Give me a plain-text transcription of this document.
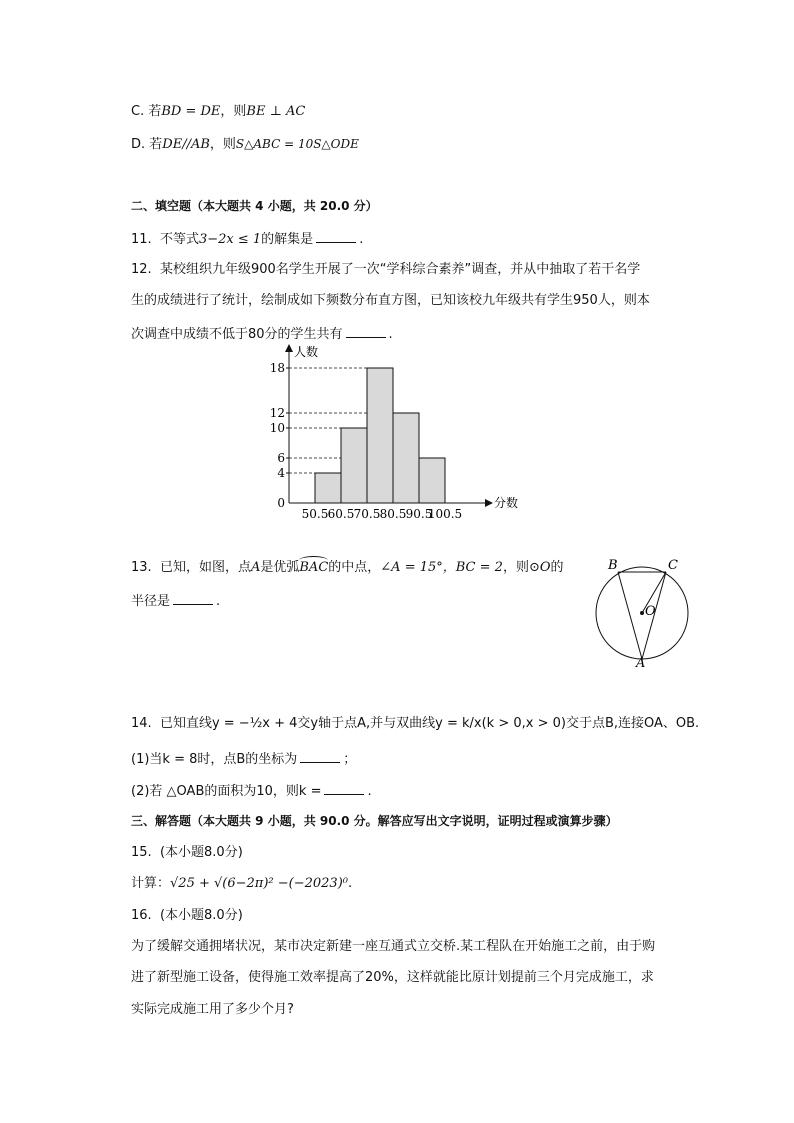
C. 若BD = DE，则BE ⊥ AC
D. 若DE//AB，则S△ABC = 10S△ODE
二、填空题（本大题共 4 小题，共 20.0 分）
11. 不等式3−2x ≤ 1的解集是	.
12. 某校组织九年级900名学生开展了一次“学科综合素养”调查，并从中抽取了若干名学
生的成绩进行了统计，绘制成如下频数分布直方图，已知该校九年级共有学生950人，则本
次调查中成绩不低于80分的学生共有	.
人数
分数
0
4
6
10
12
18
50.5 60.5 70.5 80.5 90.5
100.5
13. 已知，如图，点A是优弧
BAC的中点，∠A = 15°，BC = 2，则⊙O的
半径是	.
B	C
O
A
14. 已知直线y = −½x + 4交y轴于点A,并与双曲线y = k/x(k > 0,x > 0)交于点B,连接OA、OB.
(1)当k = 8时，点B的坐标为	；
(2)若 △OAB的面积为10，则k =	.
三、解答题（本大题共 9 小题，共 90.0 分。解答应写出文字说明，证明过程或演算步骤）
15. (本小题8.0分)
计算：√25 + √(6−2π)² −(−2023)⁰.
16. (本小题8.0分)
为了缓解交通拥堵状况，某市决定新建一座互通式立交桥.某工程队在开始施工之前，由于购
进了新型施工设备，使得施工效率提高了20%，这样就能比原计划提前三个月完成施工，求
实际完成施工用了多少个月?
